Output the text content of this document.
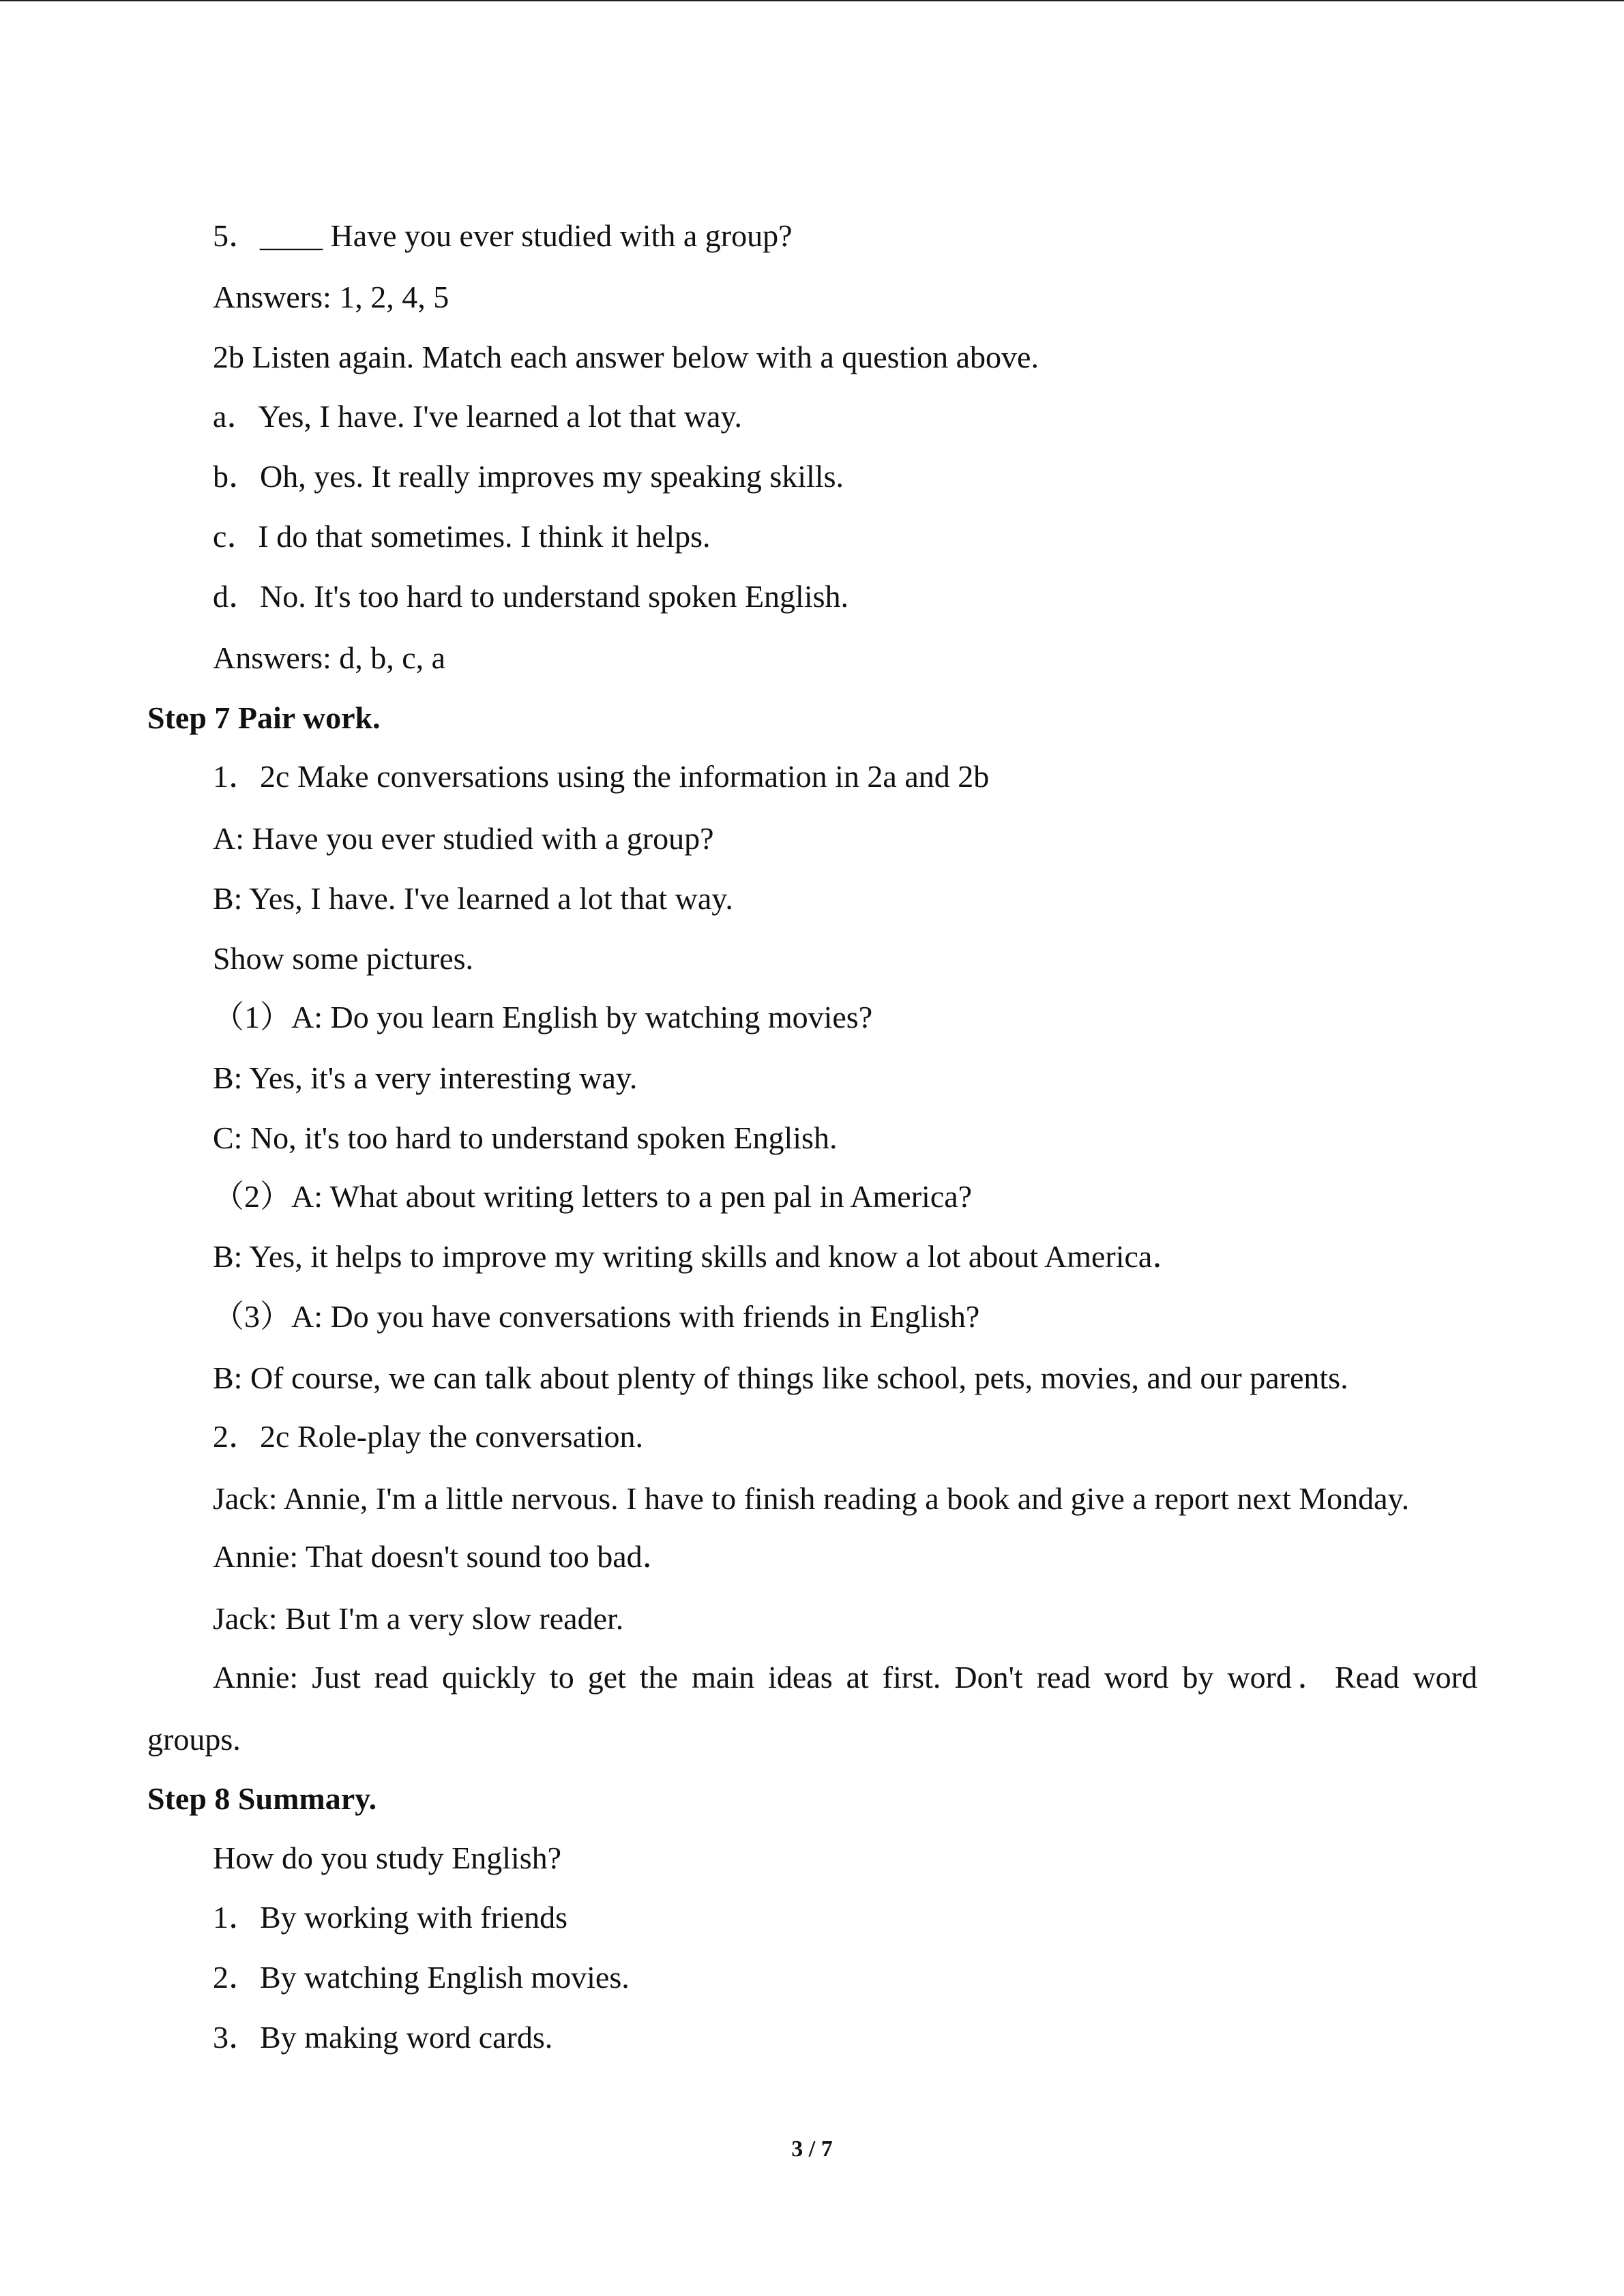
5．____ Have you ever studied with a group?

Answers: 1, 2, 4, 5

2b Listen again. Match each answer below with a question above.

a．Yes, I have. I've learned a lot that way.

b．Oh, yes. It really improves my speaking skills.

c．I do that sometimes. I think it helps.

d．No. It's too hard to understand spoken English.

Answers: d, b, c, a

Step 7 Pair work.

1．2c Make conversations using the information in 2a and 2b

A: Have you ever studied with a group?

B: Yes, I have. I've learned a lot that way.

Show some pictures.

（1）A: Do you learn English by watching movies?

B: Yes, it's a very interesting way.

C: No, it's too hard to understand spoken English.

（2）A: What about writing letters to a pen pal in America?

B: Yes, it helps to improve my writing skills and know a lot about America．

（3）A: Do you have conversations with friends in English?

B: Of course, we can talk about plenty of things like school, pets, movies, and our parents.

2．2c Role-play the conversation.

Jack: Annie, I'm a little nervous. I have to finish reading a book and give a report next Monday.

Annie: That doesn't sound too bad．

Jack: But I'm a very slow reader.

Annie: Just read quickly to get the main ideas at first. Don't read word by word．Read word

groups.

Step 8 Summary.

How do you study English?

1．By working with friends

2．By watching English movies.

3．By making word cards.

3 / 7
